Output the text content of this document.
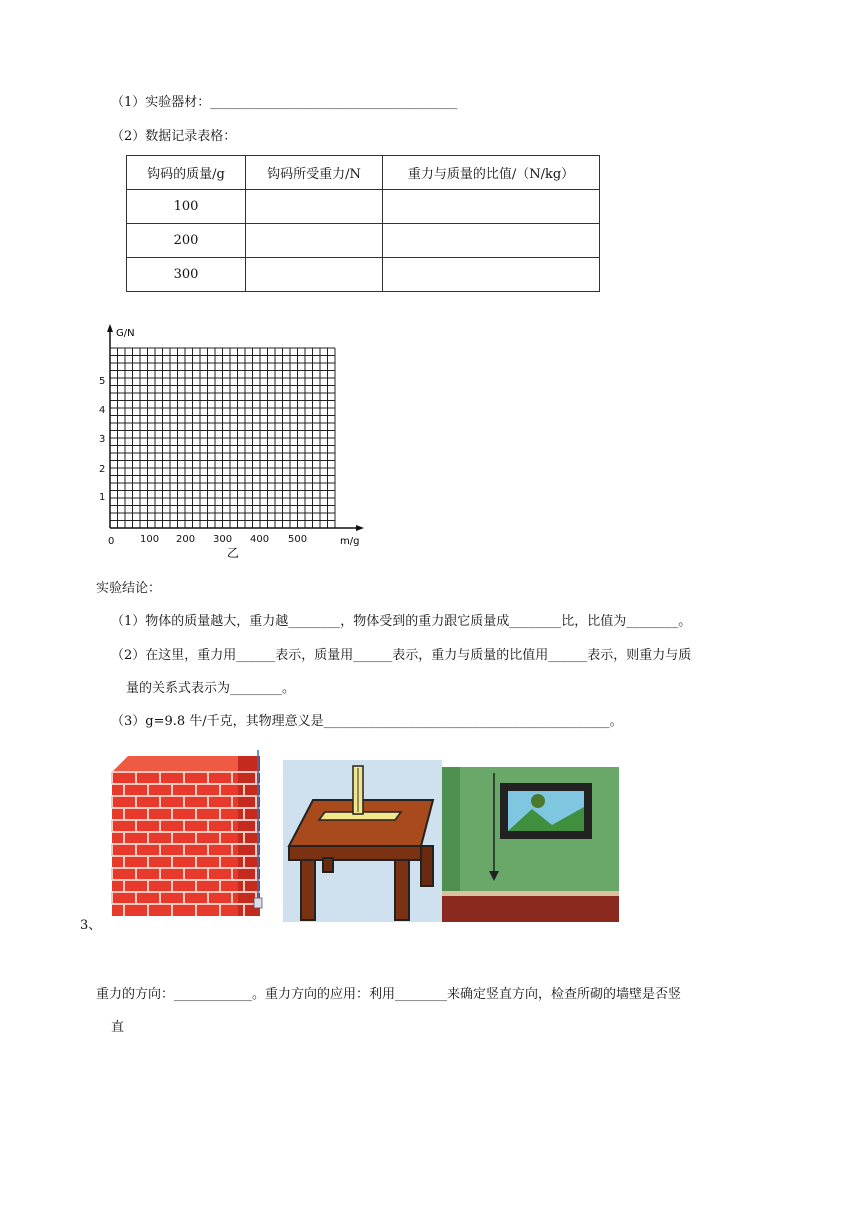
（1）实验器材：______________________________________
（2）数据记录表格：
钩码的质量/g	钩码所受重力/N	重力与质量的比值/（N/kg）
100		
200		
300		
G/N
m/g
1
2
3
4
5
0	100 200 300 400 500
乙
实验结论：
（1）物体的质量越大，重力越________，物体受到的重力跟它质量成________比，比值为________。
（2）在这里，重力用______表示，质量用______表示，重力与质量的比值用______表示，则重力与质
量的关系式表示为________。
（3）g=9.8 牛/千克，其物理意义是____________________________________________。
3、
重力的方向：____________。重力方向的应用：利用________来确定竖直方向，检查所砌的墙壁是否竖
直
